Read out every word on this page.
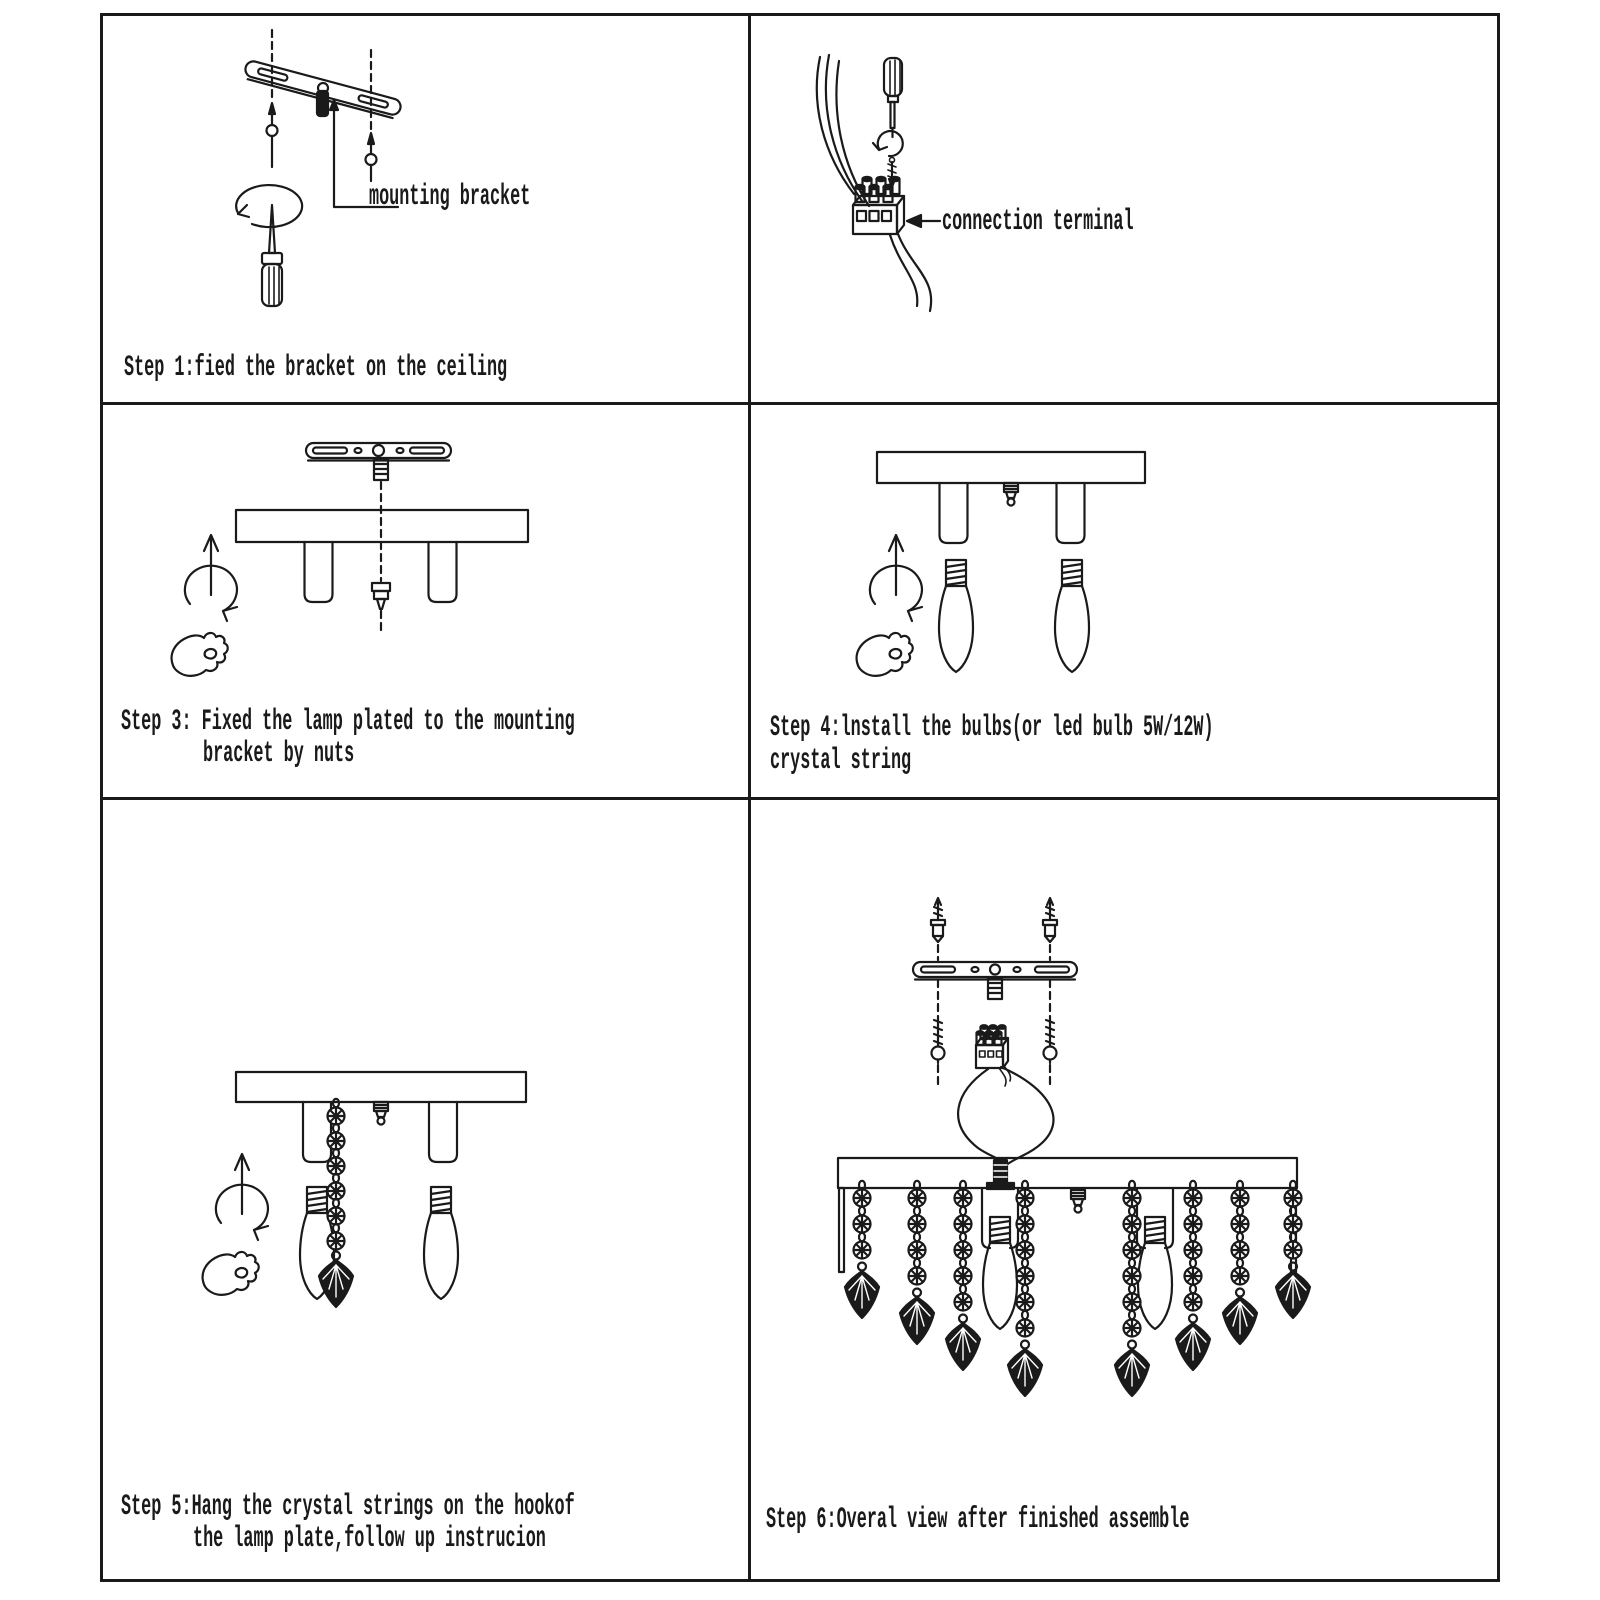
mounting bracket
Step 1:fied the bracket on the ceiling
connection terminal
Step 3: Fixed the lamp plated to the mounting
bracket by nuts
Step 4:lnstall the bulbs(or led bulb 5W/12W)
crystal string
Step 5:Hang the crystal strings on the hookof
the lamp plate,follow up instrucion
Step 6:Overal view after finished assemble
